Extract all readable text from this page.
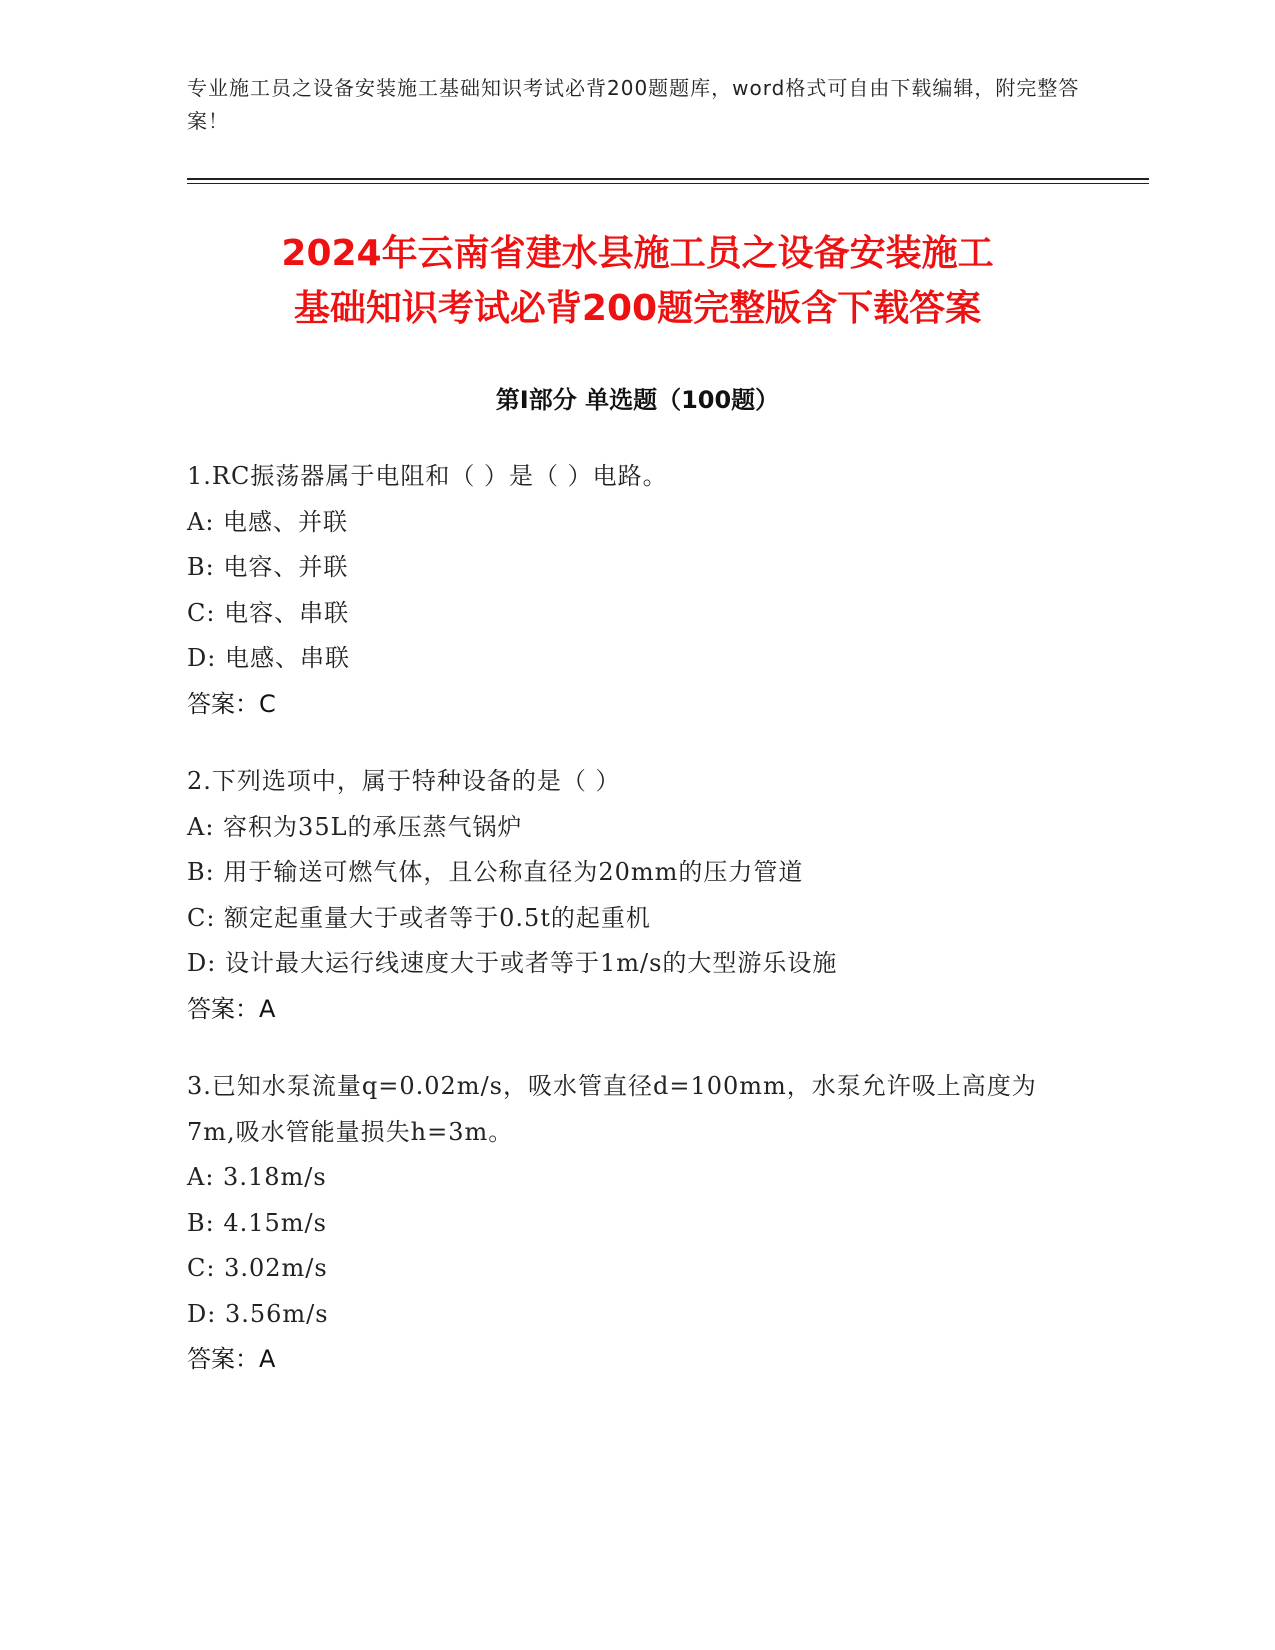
专业施工员之设备安装施工基础知识考试必背200题题库，word格式可自由下载编辑，附完整答案！
2024年云南省建水县施工员之设备安装施工
基础知识考试必背200题完整版含下载答案
第Ⅰ部分 单选题（100题）
1.RC振荡器属于电阻和（ ）是（ ）电路。
A: 电感、并联
B: 电容、并联
C: 电容、串联
D: 电感、串联
答案：C
2.下列选项中，属于特种设备的是（ ）
A: 容积为35L的承压蒸气锅炉
B: 用于输送可燃气体，且公称直径为20mm的压力管道
C: 额定起重量大于或者等于0.5t的起重机
D: 设计最大运行线速度大于或者等于1m/s的大型游乐设施
答案：A
3.已知水泵流量q=0.02m/s，吸水管直径d=100mm，水泵允许吸上高度为7m,吸水管能量损失h=3m。
A: 3.18m/s
B: 4.15m/s
C: 3.02m/s
D: 3.56m/s
答案：A
